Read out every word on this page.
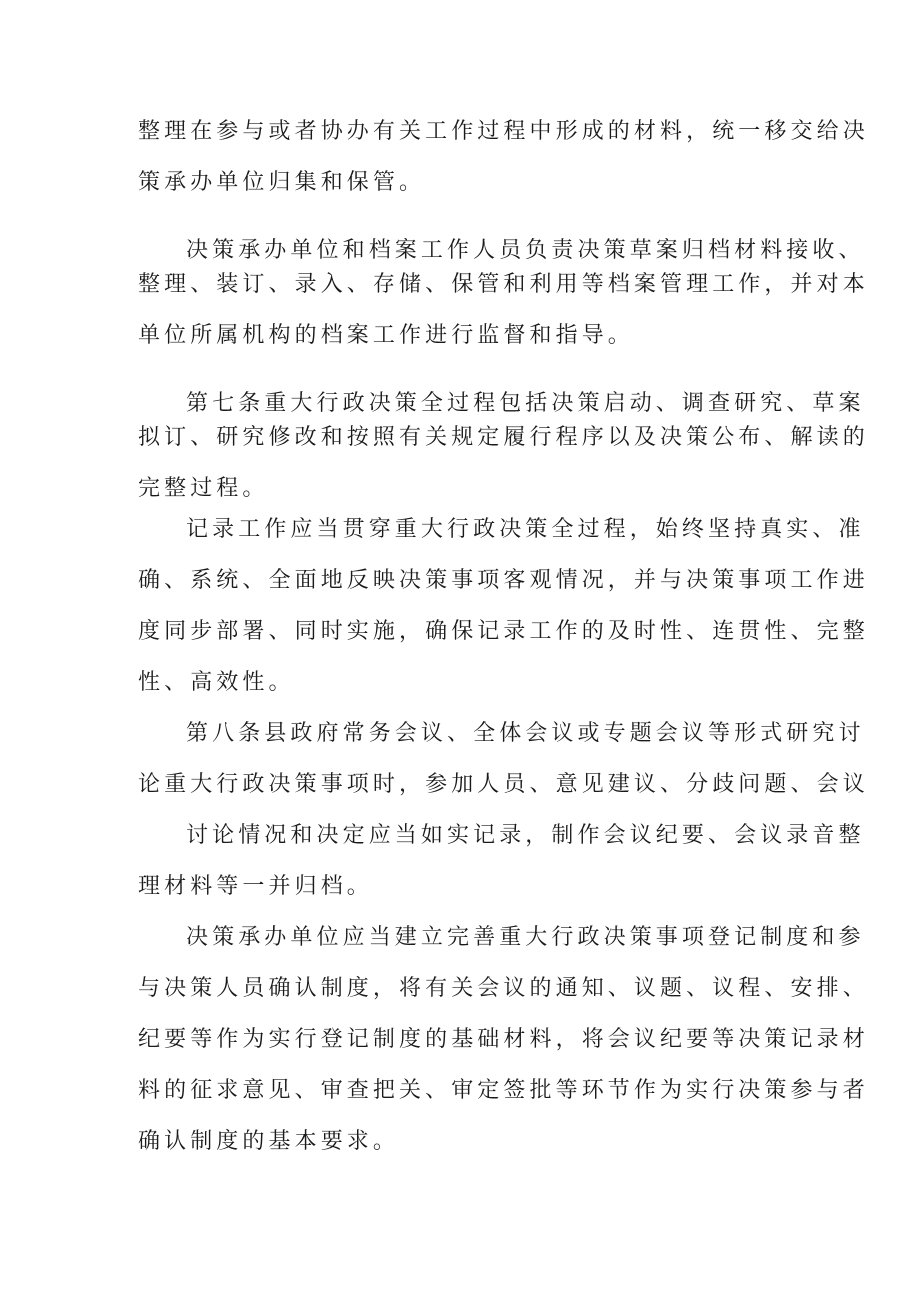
整理在参与或者协办有关工作过程中形成的材料，统一移交给决
策承办单位归集和保管。
决策承办单位和档案工作人员负责决策草案归档材料接收、
整理、装订、录入、存储、保管和利用等档案管理工作，并对本
单位所属机构的档案工作进行监督和指导。
第七条重大行政决策全过程包括决策启动、调查研究、草案
拟订、研究修改和按照有关规定履行程序以及决策公布、解读的
完整过程。
记录工作应当贯穿重大行政决策全过程，始终坚持真实、准
确、系统、全面地反映决策事项客观情况，并与决策事项工作进
度同步部署、同时实施，确保记录工作的及时性、连贯性、完整
性、高效性。
第八条县政府常务会议、全体会议或专题会议等形式研究讨
论重大行政决策事项时，参加人员、意见建议、分歧问题、会议
讨论情况和决定应当如实记录，制作会议纪要、会议录音整
理材料等一并归档。
决策承办单位应当建立完善重大行政决策事项登记制度和参
与决策人员确认制度，将有关会议的通知、议题、议程、安排、
纪要等作为实行登记制度的基础材料，将会议纪要等决策记录材
料的征求意见、审查把关、审定签批等环节作为实行决策参与者
确认制度的基本要求。
